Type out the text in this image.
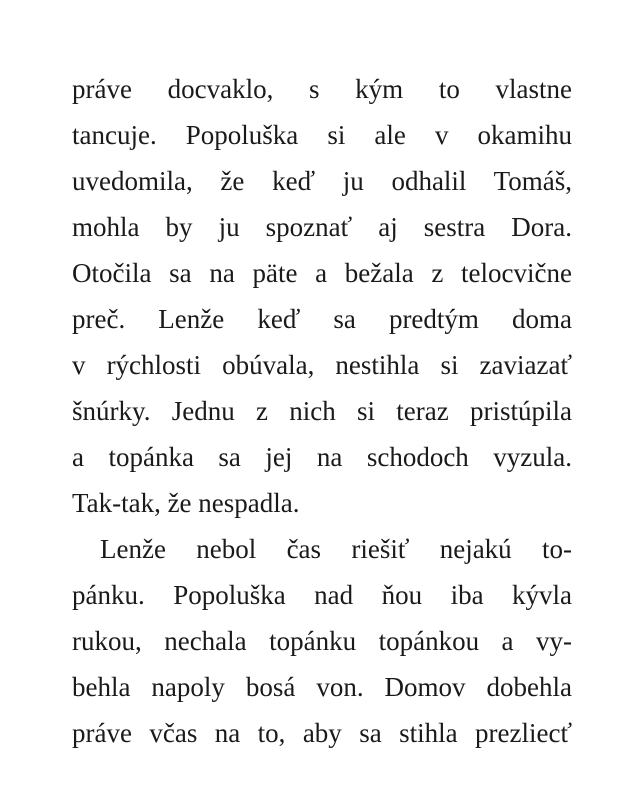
práve docvaklo, s kým to vlastne
tancuje. Popoluška si ale v okamihu
uvedomila, že keď ju odhalil Tomáš,
mohla by ju spoznať aj sestra Dora.
Otočila sa na päte a bežala z telocvične
preč. Lenže keď sa predtým doma
v rýchlosti obúvala, nestihla si zaviazať
šnúrky. Jednu z nich si teraz pristúpila
a topánka sa jej na schodoch vyzula.
Tak-tak, že nespadla.
Lenže nebol čas riešiť nejakú to-
pánku. Popoluška nad ňou iba kývla
rukou, nechala topánku topánkou a vy-
behla napoly bosá von. Domov dobehla
práve včas na to, aby sa stihla prezliecť
